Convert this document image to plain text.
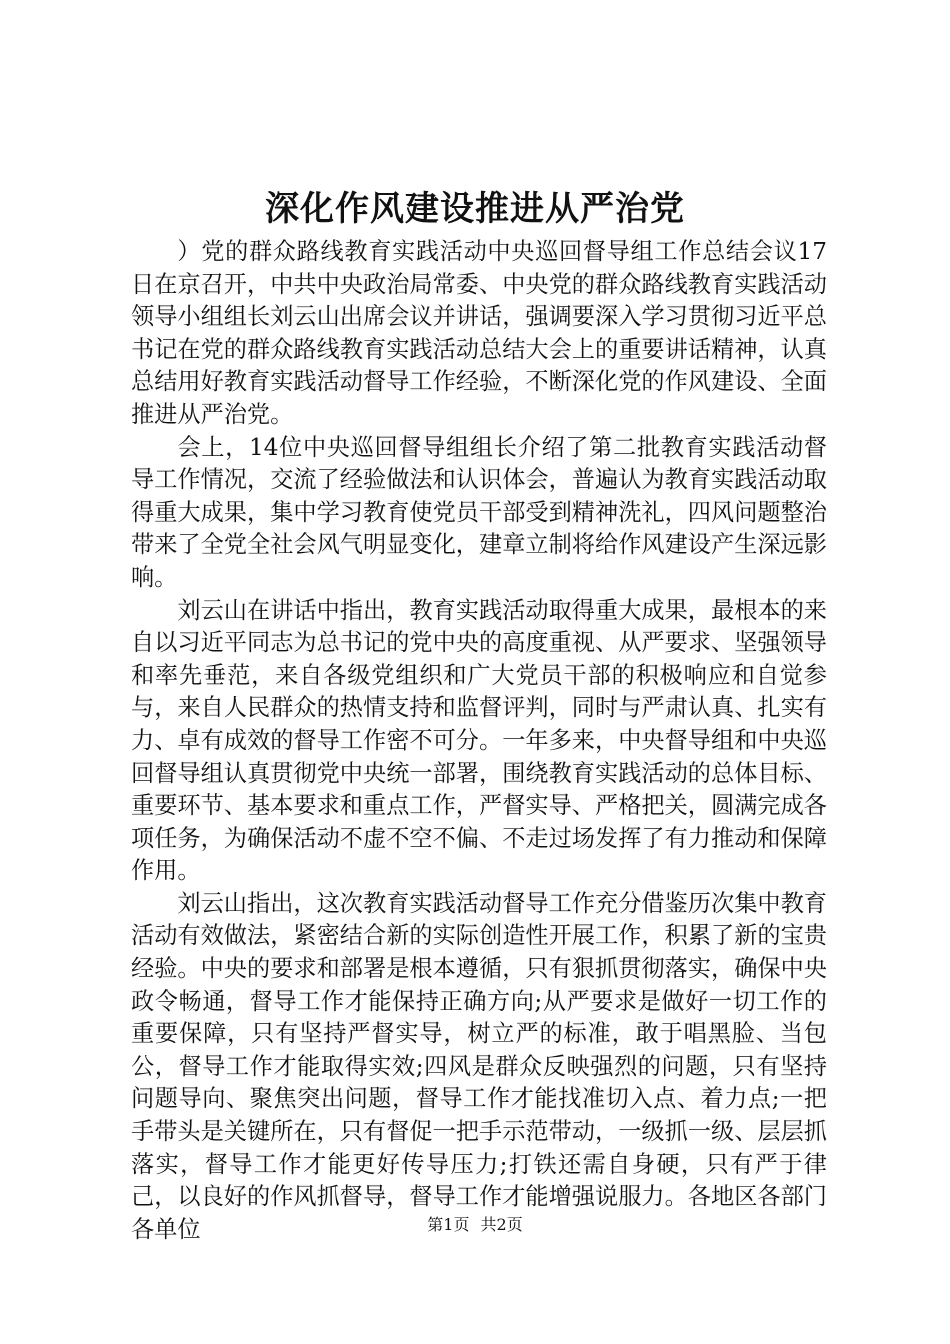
深化作风建设推进从严治党

）党的群众路线教育实践活动中央巡回督导组工作总结会议17日在京召开，中共中央政治局常委、中央党的群众路线教育实践活动领导小组组长刘云山出席会议并讲话，强调要深入学习贯彻习近平总书记在党的群众路线教育实践活动总结大会上的重要讲话精神，认真总结用好教育实践活动督导工作经验，不断深化党的作风建设、全面推进从严治党。

会上，14位中央巡回督导组组长介绍了第二批教育实践活动督导工作情况，交流了经验做法和认识体会，普遍认为教育实践活动取得重大成果，集中学习教育使党员干部受到精神洗礼，四风问题整治带来了全党全社会风气明显变化，建章立制将给作风建设产生深远影响。

刘云山在讲话中指出，教育实践活动取得重大成果，最根本的来自以习近平同志为总书记的党中央的高度重视、从严要求、坚强领导和率先垂范，来自各级党组织和广大党员干部的积极响应和自觉参与，来自人民群众的热情支持和监督评判，同时与严肃认真、扎实有力、卓有成效的督导工作密不可分。一年多来，中央督导组和中央巡回督导组认真贯彻党中央统一部署，围绕教育实践活动的总体目标、重要环节、基本要求和重点工作，严督实导、严格把关，圆满完成各项任务，为确保活动不虚不空不偏、不走过场发挥了有力推动和保障作用。

刘云山指出，这次教育实践活动督导工作充分借鉴历次集中教育活动有效做法，紧密结合新的实际创造性开展工作，积累了新的宝贵经验。中央的要求和部署是根本遵循，只有狠抓贯彻落实，确保中央政令畅通，督导工作才能保持正确方向;从严要求是做好一切工作的重要保障，只有坚持严督实导，树立严的标准，敢于唱黑脸、当包公，督导工作才能取得实效;四风是群众反映强烈的问题，只有坚持问题导向、聚焦突出问题，督导工作才能找准切入点、着力点;一把手带头是关键所在，只有督促一把手示范带动，一级抓一级、层层抓落实，督导工作才能更好传导压力;打铁还需自身硬，只有严于律己，以良好的作风抓督导，督导工作才能增强说服力。各地区各部门各单位	第1页 共2页
